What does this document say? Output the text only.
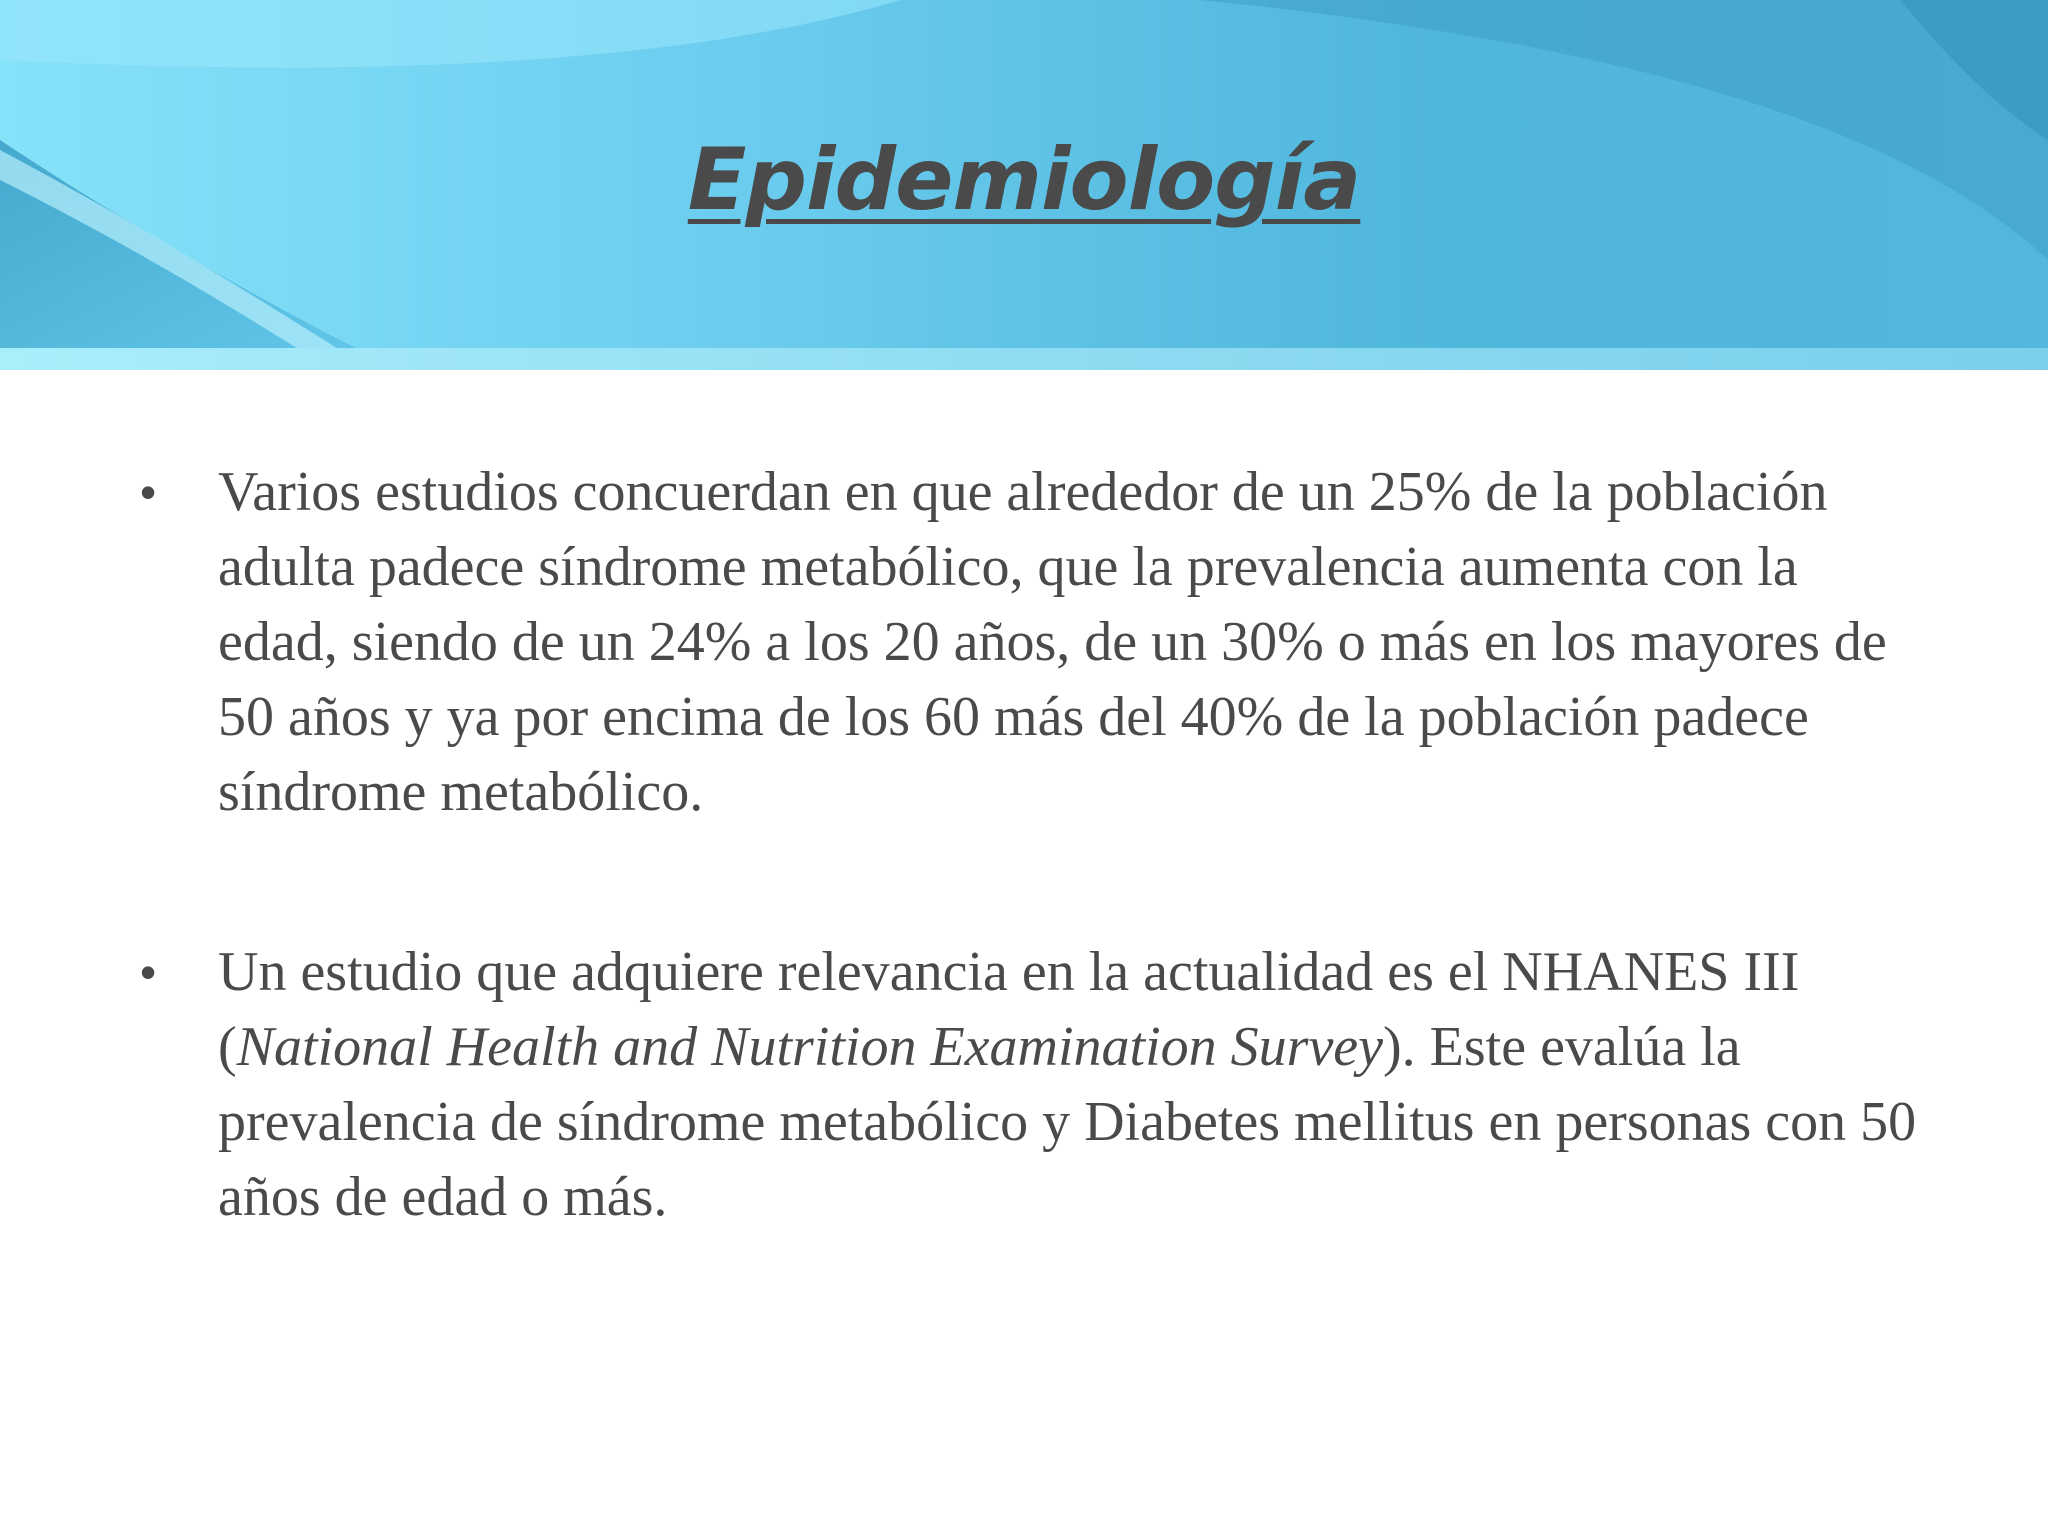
Epidemiología
•	Varios estudios concuerdan en que alrededor de un 25% de la población adulta padece síndrome metabólico, que la prevalencia aumenta con la edad, siendo de un 24% a los 20 años, de un 30% o más en los mayores de 50 años y ya por encima de los 60 más del 40% de la población padece síndrome metabólico.
•	Un estudio que adquiere relevancia en la actualidad es el NHANES III (National Health and Nutrition Examination Survey). Este evalúa la prevalencia de síndrome metabólico y Diabetes mellitus en personas con 50 años de edad o más.
